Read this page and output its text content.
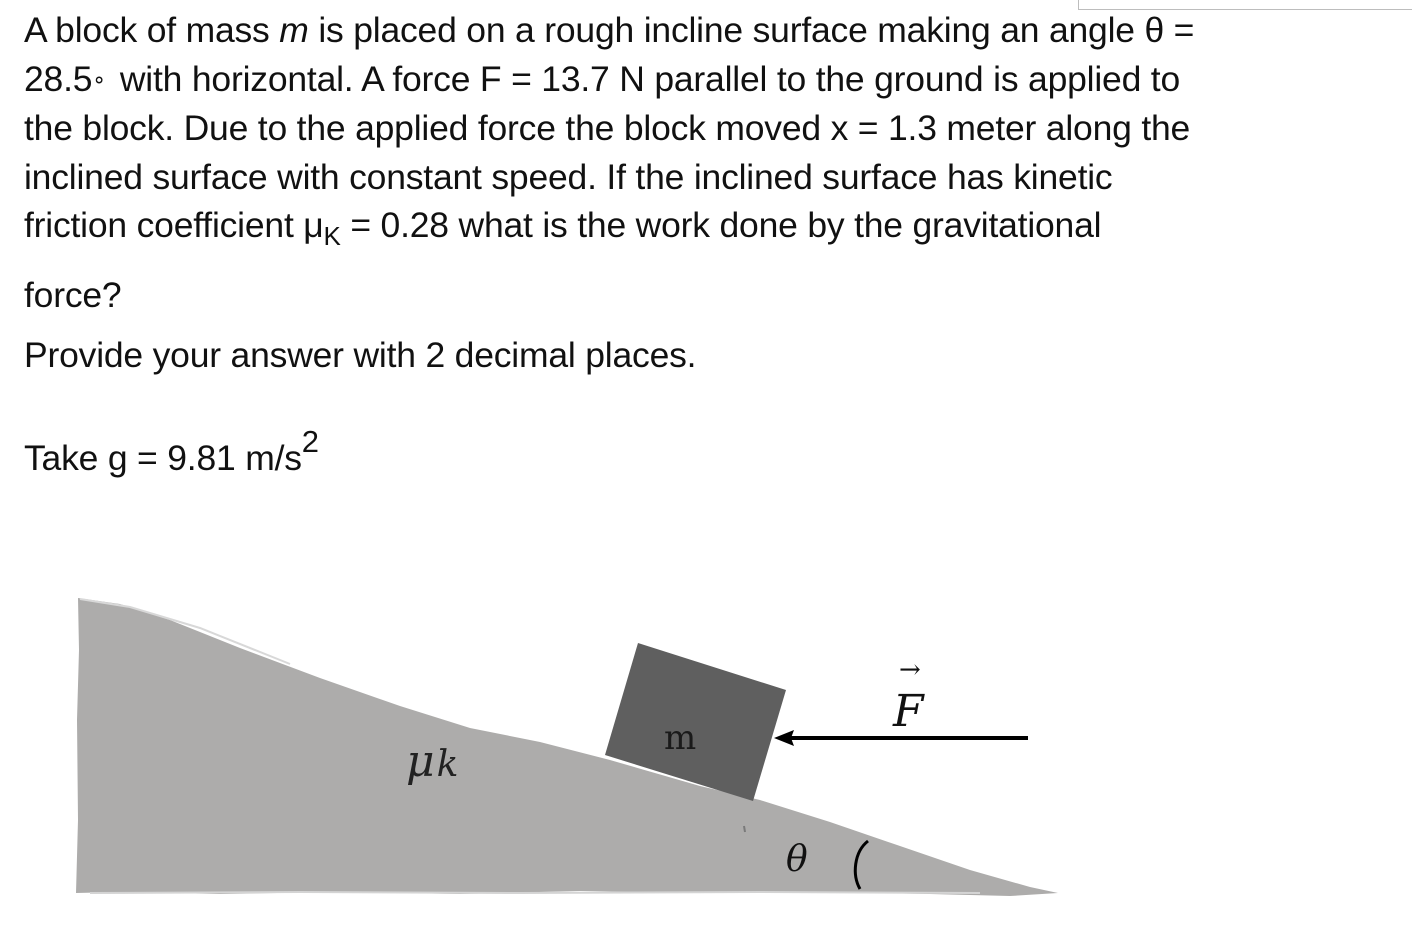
A block of mass m is placed on a rough incline surface making an angle θ =
28.5∘ with horizontal. A force F = 13.7 N parallel to the ground is applied to
the block. Due to the applied force the block moved x = 1.3 meter along the
inclined surface with constant speed. If the inclined surface has kinetic
friction coefficient $\mu_K = 0.28$ what is the work done by the gravitational
force?

Provide your answer with 2 decimal places.
Take g = 9.81 m/s2
m
μk
F
→
θ
